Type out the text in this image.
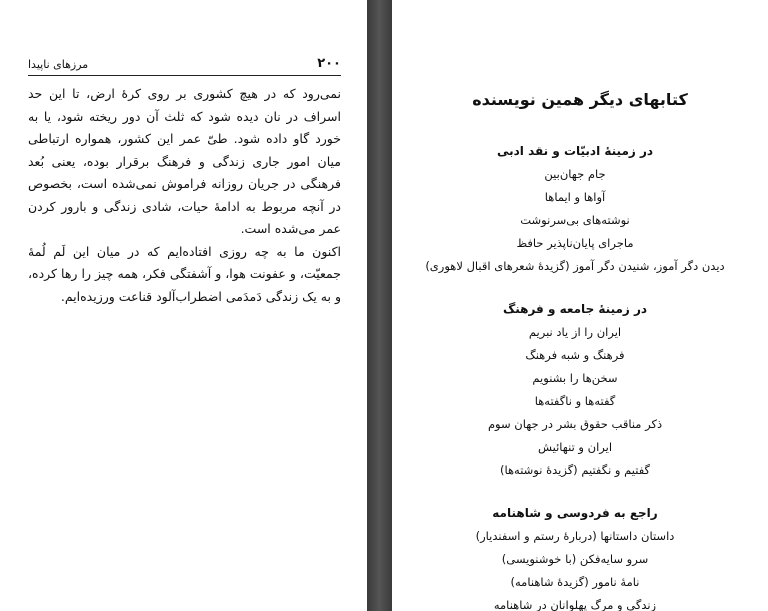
۲۰۰
مرزهای ناپیدا

نمی‌رود که در هیچ کشوری بر روی کرهٔ ارض، تا این حد اسراف در نان دیده شود که ثلث آن دور ریخته شود، یا به خورد گاو داده شود. طیّ عمر این کشور، همواره ارتباطی میان امور جاری زندگی و فرهنگ برقرار بوده، یعنی بُعد فرهنگی در جریان روزانه فراموش نمی‌شده است، بخصوص در آنچه مربوط به ادامهٔ حیات، شادی زندگی و بارور کردن عمر می‌شده است.

اکنون ما به چه روزی افتاده‌ایم که در میان این لَم لُمهٔ جمعیّت، و عفونت هوا، و آشفتگی فکر، همه چیز را رها کرده، و به یک زندگی دَمدَمی اضطراب‌آلود قناعت ورزیده‌ایم.

کتابهای دیگر همین نویسنده

در زمینهٔ ادبیّات و نقد ادبی

جام جهان‌بین

آواها و ایماها

نوشته‌های بی‌سرنوشت

ماجرای پایان‌ناپذیر حافظ

دیدن دگر آموز، شنیدن دگر آموز (گزیدهٔ شعرهای اقبال لاهوری)

در زمینهٔ جامعه و فرهنگ

ایران را از یاد نبریم

فرهنگ و شبه فرهنگ

سخن‌ها را بشنویم

گفته‌ها و ناگفته‌ها

ذکر مناقب حقوق بشر در جهان سوم

ایران و تنهائیش

گفتیم و نگفتیم (گزیدهٔ نوشته‌ها)

راجع به فردوسی و شاهنامه

داستان داستانها (دربارهٔ رستم و اسفندیار)

سرو سایه‌فکن (با خوشنویسی)

نامهٔ نامور (گزیدهٔ شاهنامه)

زندگی و مرگ پهلوانان در شاهنامه
